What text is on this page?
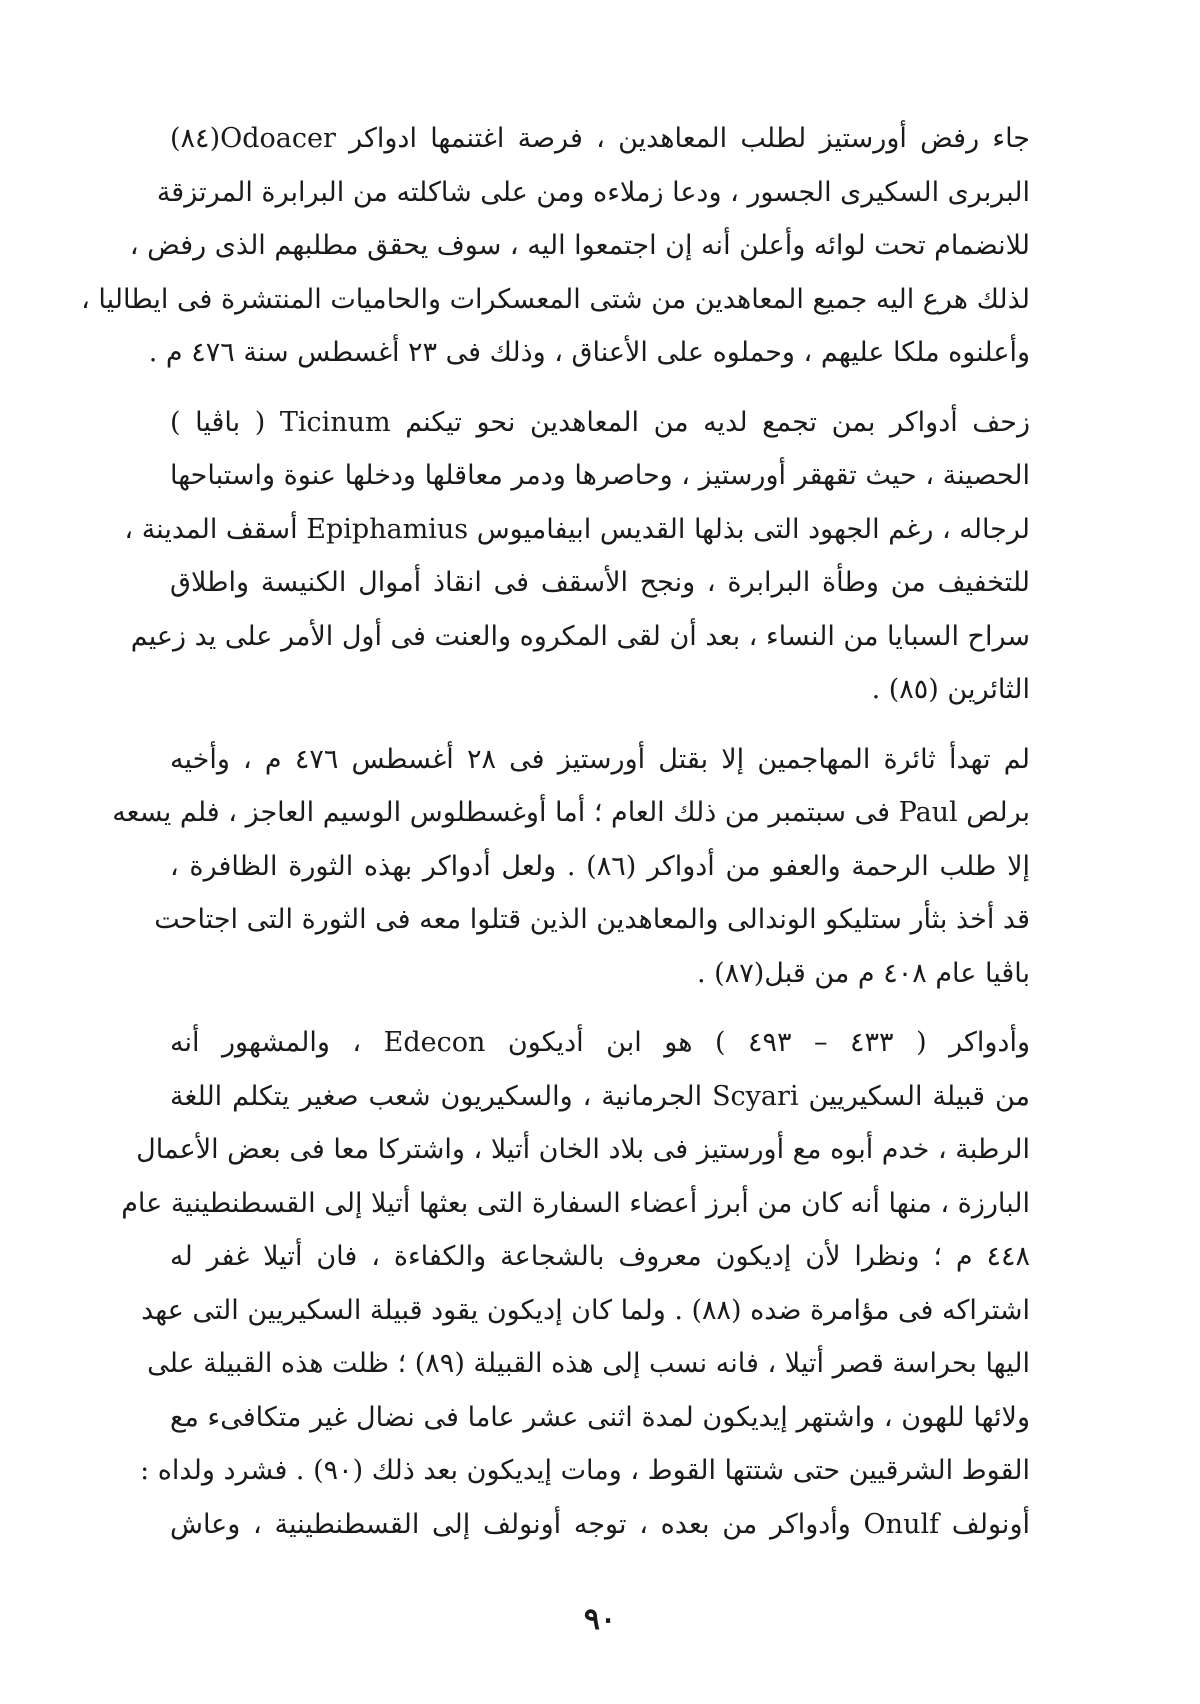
جاء رفض أورستيز لطلب المعاهدين ، فرصة اغتنمها ادواكر Odoacer(٨٤)
البربرى السكيرى الجسور ، ودعا زملاءه ومن على شاكلته من البرابرة المرتزقة
للانضمام تحت لوائه وأعلن أنه إن اجتمعوا اليه ، سوف يحقق مطلبهم الذى رفض ،
لذلك هرع اليه جميع المعاهدين من شتى المعسكرات والحاميات المنتشرة فى ايطاليا ،
وأعلنوه ملكا عليهم ، وحملوه على الأعناق ، وذلك فى ٢٣ أغسطس سنة ٤٧٦ م .
زحف أدواكر بمن تجمع لديه من المعاهدين نحو تيكنم Ticinum ( باڤيا )
الحصينة ، حيث تقهقر أورستيز ، وحاصرها ودمر معاقلها ودخلها عنوة واستباحها
لرجاله ، رغم الجهود التى بذلها القديس ابيفاميوس Epiphamius أسقف المدينة ،
للتخفيف من وطأة البرابرة ، ونجح الأسقف فى انقاذ أموال الكنيسة واطلاق
سراح السبايا من النساء ، بعد أن لقى المكروه والعنت فى أول الأمر على يد زعيم
الثائرين (٨٥) .
لم تهدأ ثائرة المهاجمين إلا بقتل أورستيز فى ٢٨ أغسطس ٤٧٦ م ، وأخيه
برلص Paul فى سبتمبر من ذلك العام ؛ أما أوغسطلوس الوسيم العاجز ، فلم يسعه
إلا طلب الرحمة والعفو من أدواكر (٨٦) . ولعل أدواكر بهذه الثورة الظافرة ،
قد أخذ بثأر ستليكو الوندالى والمعاهدين الذين قتلوا معه فى الثورة التى اجتاحت
باڤيا عام ٤٠٨ م من قبل(٨٧) .
وأدواكر ( ٤٣٣ – ٤٩٣ ) هو ابن أديكون Edecon ، والمشهور أنه
من قبيلة السكيريين Scyari الجرمانية ، والسكيريون شعب صغير يتكلم اللغة
الرطبة ، خدم أبوه مع أورستيز فى بلاد الخان أتيلا ، واشتركا معا فى بعض الأعمال
البارزة ، منها أنه كان من أبرز أعضاء السفارة التى بعثها أتيلا إلى القسطنطينية عام
٤٤٨ م ؛ ونظرا لأن إديكون معروف بالشجاعة والكفاءة ، فان أتيلا غفر له
اشتراكه فى مؤامرة ضده (٨٨) . ولما كان إديكون يقود قبيلة السكيريين التى عهد
اليها بحراسة قصر أتيلا ، فانه نسب إلى هذه القبيلة (٨٩) ؛ ظلت هذه القبيلة على
ولائها للهون ، واشتهر إيديكون لمدة اثنى عشر عاما فى نضال غير متكافىء مع
القوط الشرقيين حتى شتتها القوط ، ومات إيديكون بعد ذلك (٩٠) . فشرد ولداه :
أونولف Onulf وأدواكر من بعده ، توجه أونولف إلى القسطنطينية ، وعاش
٩٠
